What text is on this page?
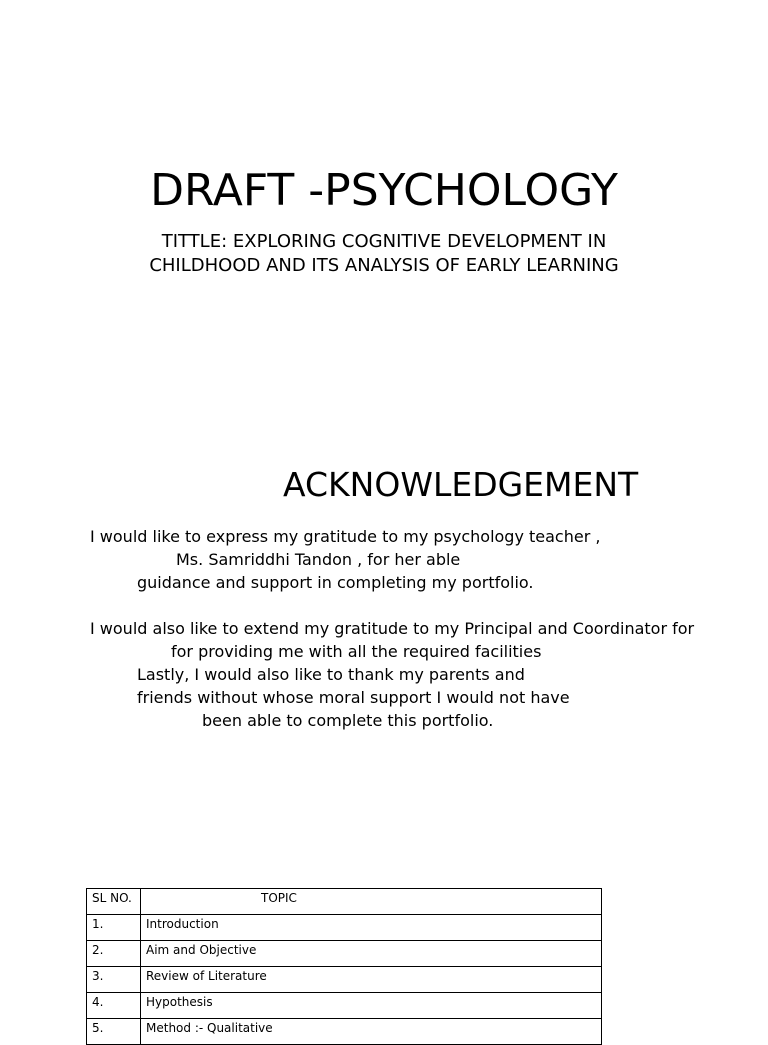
DRAFT -PSYCHOLOGY
TITTLE: EXPLORING COGNITIVE DEVELOPMENT IN
CHILDHOOD AND ITS ANALYSIS OF EARLY LEARNING
ACKNOWLEDGEMENT
I would like to express my gratitude to my psychology teacher ,
Ms. Samriddhi Tandon , for her able
guidance and support in completing my portfolio.
I would also like to extend my gratitude to my Principal and Coordinator for
for providing me with all the required facilities
Lastly, I would also like to thank my parents and
friends without whose moral support I would not have
been able to complete this portfolio.
SL NO.	TOPIC
1.	Introduction
2.	Aim and Objective
3.	Review of Literature
4.	Hypothesis
5.	Method :- Qualitative
